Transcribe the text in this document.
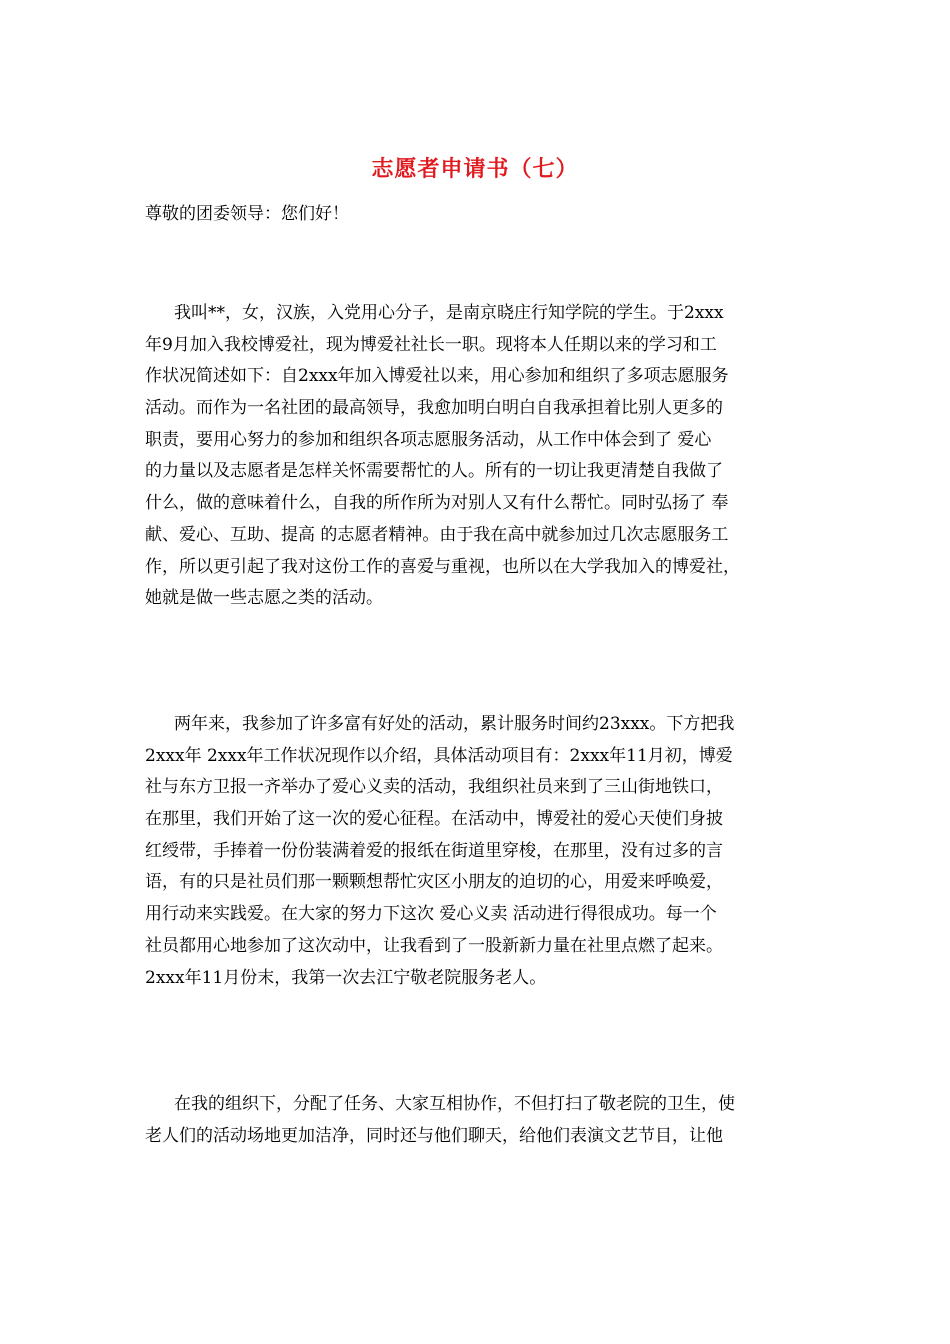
志愿者申请书（七）

尊敬的团委领导：您们好！

我叫**，女，汉族，入党用心分子，是南京晓庄行知学院的学生。于2xxx
年9月加入我校博爱社，现为博爱社社长一职。现将本人任期以来的学习和工
作状况简述如下：自2xxx年加入博爱社以来，用心参加和组织了多项志愿服务
活动。而作为一名社团的最高领导，我愈加明白明白自我承担着比别人更多的
职责，要用心努力的参加和组织各项志愿服务活动，从工作中体会到了 爱心
的力量以及志愿者是怎样关怀需要帮忙的人。所有的一切让我更清楚自我做了
什么，做的意味着什么，自我的所作所为对别人又有什么帮忙。同时弘扬了 奉
献、爱心、互助、提高 的志愿者精神。由于我在高中就参加过几次志愿服务工
作，所以更引起了我对这份工作的喜爱与重视，也所以在大学我加入的博爱社，
她就是做一些志愿之类的活动。

两年来，我参加了许多富有好处的活动，累计服务时间约23xxx。下方把我
2xxx年 2xxx年工作状况现作以介绍，具体活动项目有：2xxx年11月初，博爱
社与东方卫报一齐举办了爱心义卖的活动，我组织社员来到了三山街地铁口，
在那里，我们开始了这一次的爱心征程。在活动中，博爱社的爱心天使们身披
红绶带，手捧着一份份装满着爱的报纸在街道里穿梭，在那里，没有过多的言
语，有的只是社员们那一颗颗想帮忙灾区小朋友的迫切的心，用爱来呼唤爱，
用行动来实践爱。在大家的努力下这次 爱心义卖 活动进行得很成功。每一个
社员都用心地参加了这次动中，让我看到了一股新新力量在社里点燃了起来。
2xxx年11月份末，我第一次去江宁敬老院服务老人。

在我的组织下，分配了任务、大家互相协作，不但打扫了敬老院的卫生，使
老人们的活动场地更加洁净，同时还与他们聊天，给他们表演文艺节目，让他
